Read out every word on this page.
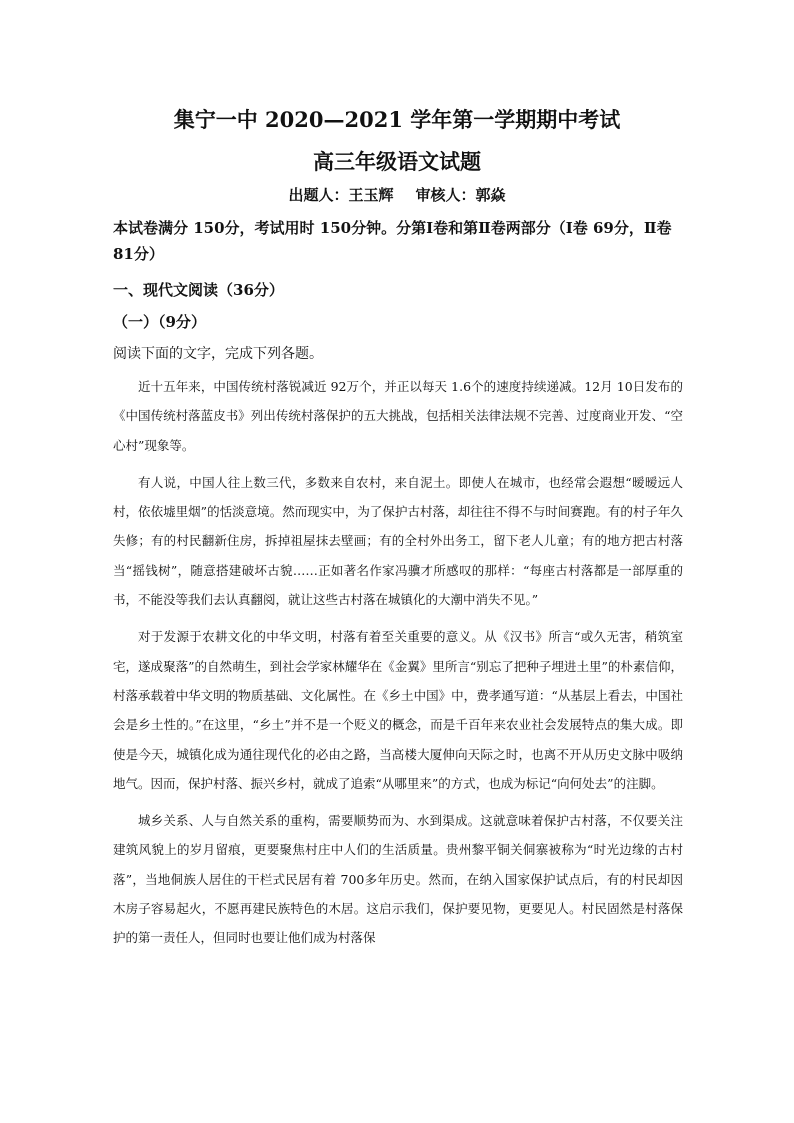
集宁一中 2020—2021 学年第一学期期中考试
高三年级语文试题
出题人：王玉辉 审核人：郭焱
本试卷满分 150分，考试用时 150分钟。分第Ⅰ卷和第Ⅱ卷两部分（Ⅰ卷 69分，Ⅱ卷 81分）
一、现代文阅读（36分）
（一）（9分）
阅读下面的文字，完成下列各题。

近十五年来，中国传统村落锐减近 92万个，并正以每天 1.6个的速度持续递减。12月 10日发布的《中国传统村落蓝皮书》列出传统村落保护的五大挑战，包括相关法律法规不完善、过度商业开发、“空心村”现象等。

有人说，中国人往上数三代，多数来自农村，来自泥土。即使人在城市，也经常会遐想“暧暧远人村，依依墟里烟”的恬淡意境。然而现实中，为了保护古村落，却往往不得不与时间赛跑。有的村子年久失修；有的村民翻新住房，拆掉祖屋抹去壁画；有的全村外出务工，留下老人儿童；有的地方把古村落当“摇钱树”，随意搭建破坏古貌……正如著名作家冯骥才所感叹的那样：“每座古村落都是一部厚重的书，不能没等我们去认真翻阅，就让这些古村落在城镇化的大潮中消失不见。”

对于发源于农耕文化的中华文明，村落有着至关重要的意义。从《汉书》所言“或久无害，稍筑室宅，遂成聚落”的自然萌生，到社会学家林耀华在《金翼》里所言“别忘了把种子埋进土里”的朴素信仰，村落承载着中华文明的物质基础、文化属性。在《乡土中国》中，费孝通写道：“从基层上看去，中国社会是乡土性的。”在这里，“乡土”并不是一个贬义的概念，而是千百年来农业社会发展特点的集大成。即使是今天，城镇化成为通往现代化的必由之路，当高楼大厦伸向天际之时，也离不开从历史文脉中吸纳地气。因而，保护村落、振兴乡村，就成了追索“从哪里来”的方式，也成为标记“向何处去”的注脚。

城乡关系、人与自然关系的重构，需要顺势而为、水到渠成。这就意味着保护古村落，不仅要关注建筑风貌上的岁月留痕，更要聚焦村庄中人们的生活质量。贵州黎平铜关侗寨被称为“时光边缘的古村落”，当地侗族人居住的干栏式民居有着 700多年历史。然而，在纳入国家保护试点后，有的村民却因木房子容易起火，不愿再建民族特色的木居。这启示我们，保护要见物，更要见人。村民固然是村落保护的第一责任人，但同时也要让他们成为村落保
